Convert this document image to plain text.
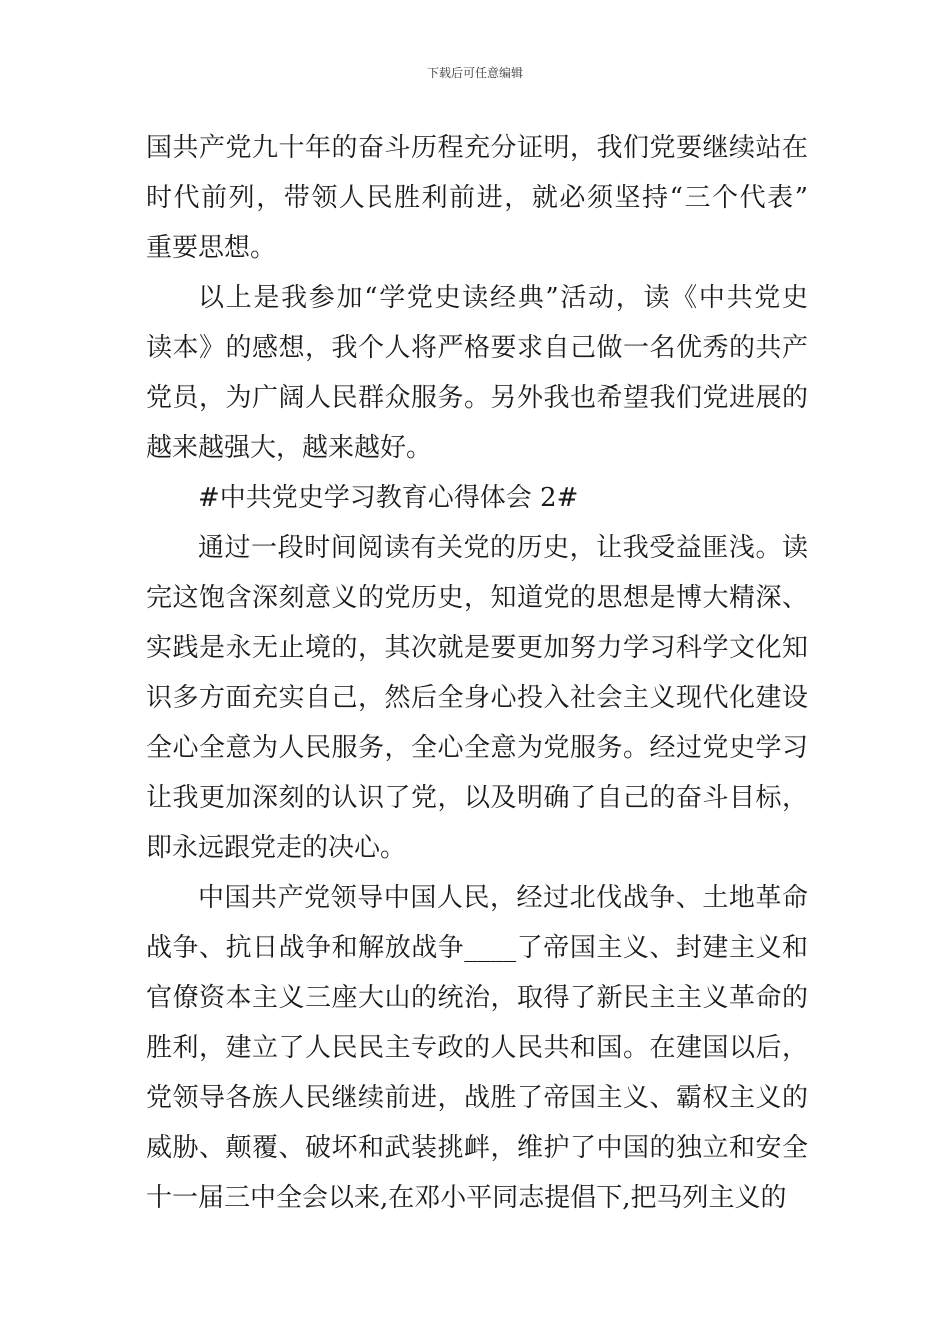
下载后可任意编辑
国共产党九十年的奋斗历程充分证明，我们党要继续站在
时代前列，带领人民胜利前进，就必须坚持“三个代表”
重要思想。
以上是我参加“学党史读经典”活动，读《中共党史
读本》的感想，我个人将严格要求自己做一名优秀的共产
党员，为广阔人民群众服务。另外我也希望我们党进展的
越来越强大，越来越好。
#中共党史学习教育心得体会 2#
通过一段时间阅读有关党的历史，让我受益匪浅。读
完这饱含深刻意义的党历史，知道党的思想是博大精深、
实践是永无止境的，其次就是要更加努力学习科学文化知
识多方面充实自己，然后全身心投入社会主义现代化建设
全心全意为人民服务，全心全意为党服务。经过党史学习
让我更加深刻的认识了党，以及明确了自己的奋斗目标，
即永远跟党走的决心。
中国共产党领导中国人民，经过北伐战争、土地革命
战争、抗日战争和解放战争____了帝国主义、封建主义和
官僚资本主义三座大山的统治，取得了新民主主义革命的
胜利，建立了人民民主专政的人民共和国。在建国以后，
党领导各族人民继续前进，战胜了帝国主义、霸权主义的
威胁、颠覆、破坏和武装挑衅，维护了中国的独立和安全
十一届三中全会以来,在邓小平同志提倡下,把马列主义的
